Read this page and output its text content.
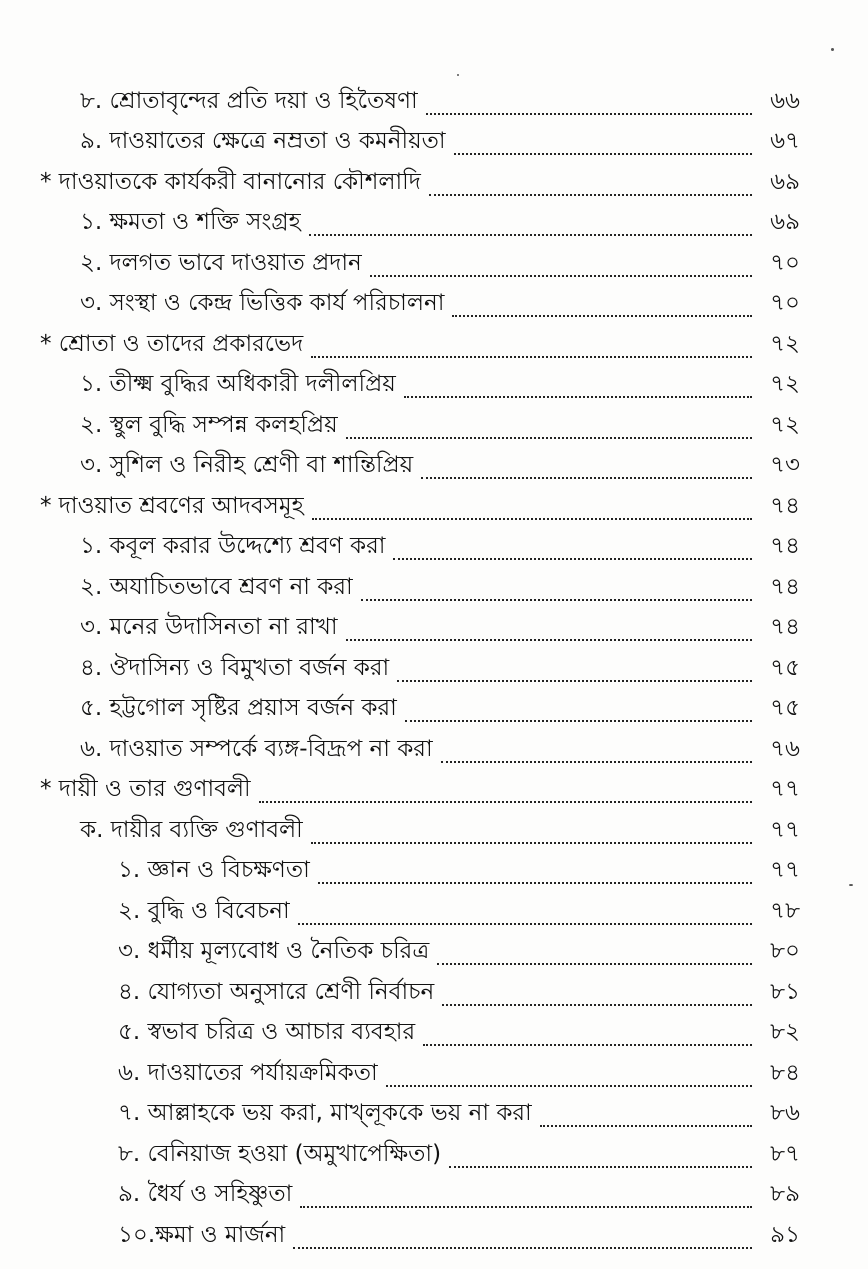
৮. শ্রোতাবৃন্দের প্রতি দয়া ও হিতৈষণা	৬৬
৯. দাওয়াতের ক্ষেত্রে নম্রতা ও কমনীয়তা	৬৭
* দাওয়াতকে কার্যকরী বানানোর কৌশলাদি	৬৯
১. ক্ষমতা ও শক্তি সংগ্রহ	৬৯
২. দলগত ভাবে দাওয়াত প্রদান	৭০
৩. সংস্থা ও কেন্দ্র ভিত্তিক কার্য পরিচালনা	৭০
* শ্রোতা ও তাদের প্রকারভেদ	৭২
১. তীক্ষ্ম বুদ্ধির অধিকারী দলীলপ্রিয়	৭২
২. স্থুল বুদ্ধি সম্পন্ন কলহপ্রিয়	৭২
৩. সুশিল ও নিরীহ শ্রেণী বা শান্তিপ্রিয়	৭৩
* দাওয়াত শ্রবণের আদবসমূহ	৭৪
১. কবূল করার উদ্দেশ্যে শ্রবণ করা	৭৪
২. অযাচিতভাবে শ্রবণ না করা	৭৪
৩. মনের উদাসিনতা না রাখা	৭৪
৪. ঔদাসিন্য ও বিমুখতা বর্জন করা	৭৫
৫. হট্টগোল সৃষ্টির প্রয়াস বর্জন করা	৭৫
৬. দাওয়াত সম্পর্কে ব্যঙ্গ-বিদ্রূপ না করা	৭৬
* দায়ী ও তার গুণাবলী	৭৭
ক. দায়ীর ব্যক্তি গুণাবলী	৭৭
১. জ্ঞান ও বিচক্ষণতা	৭৭
২. বুদ্ধি ও বিবেচনা	৭৮
৩. ধর্মীয় মূল্যবোধ ও নৈতিক চরিত্র	৮০
৪. যোগ্যতা অনুসারে শ্রেণী নির্বাচন	৮১
৫. স্বভাব চরিত্র ও আচার ব্যবহার	৮২
৬. দাওয়াতের পর্যায়ক্রমিকতা	৮৪
৭. আল্লাহকে ভয় করা, মাখ্লূককে ভয় না করা	৮৬
৮. বেনিয়াজ হওয়া (অমুখাপেক্ষিতা)	৮৭
৯. ধৈর্য ও সহিষ্ণুতা	৮৯
১০.ক্ষমা ও মার্জনা	৯১
